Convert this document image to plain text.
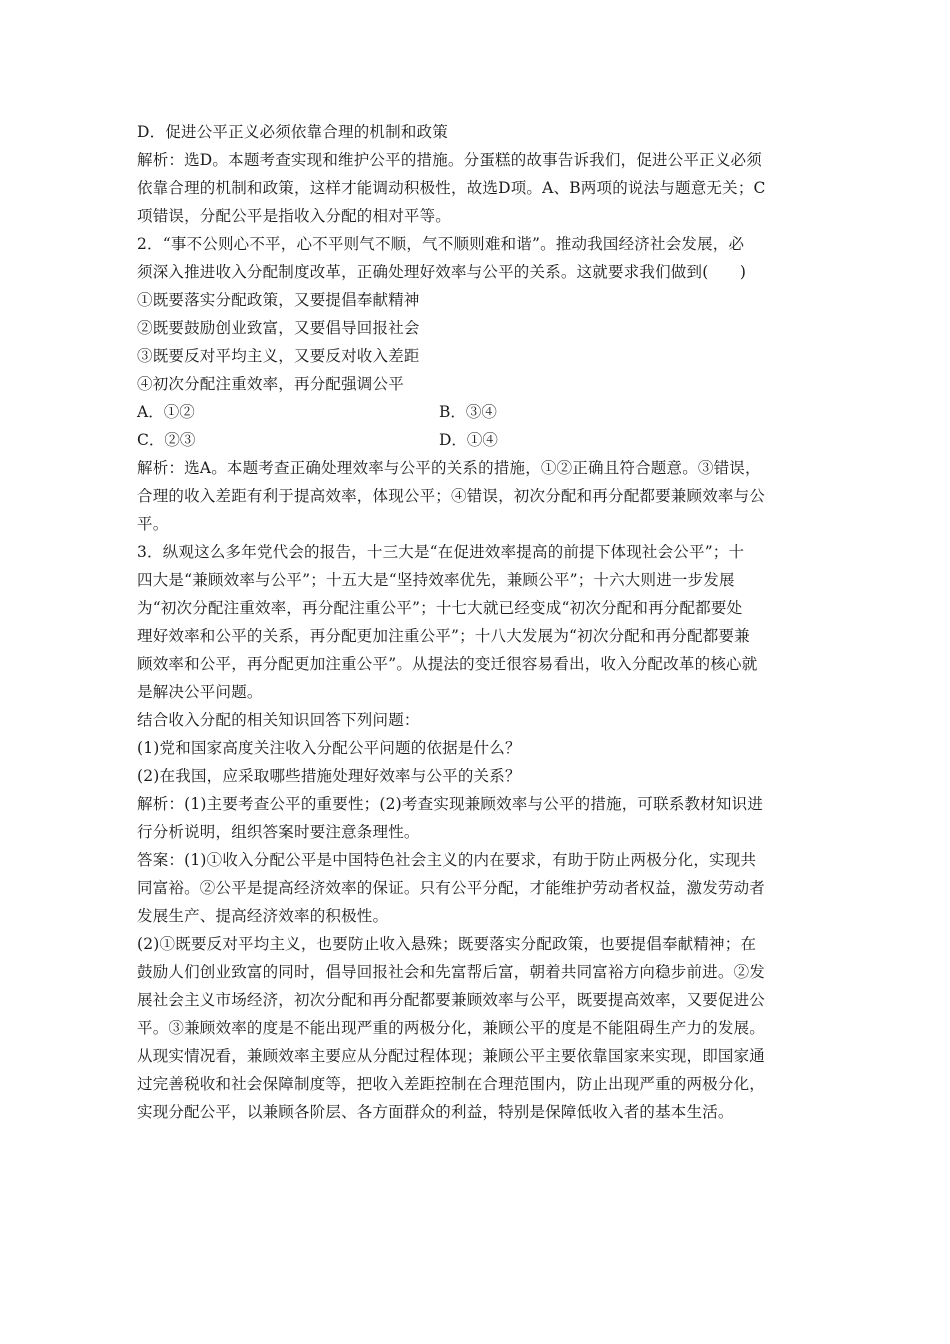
D．促进公平正义必须依靠合理的机制和政策
解析：选D。本题考查实现和维护公平的措施。分蛋糕的故事告诉我们，促进公平正义必须
依靠合理的机制和政策，这样才能调动积极性，故选D项。A、B两项的说法与题意无关；C
项错误，分配公平是指收入分配的相对平等。
2．“事不公则心不平，心不平则气不顺，气不顺则难和谐”。推动我国经济社会发展，必
须深入推进收入分配制度改革，正确处理好效率与公平的关系。这就要求我们做到(　　)
①既要落实分配政策，又要提倡奉献精神
②既要鼓励创业致富，又要倡导回报社会
③既要反对平均主义，又要反对收入差距
④初次分配注重效率，再分配强调公平
A．①②	B．③④
C．②③	D．①④
解析：选A。本题考查正确处理效率与公平的关系的措施，①②正确且符合题意。③错误，
合理的收入差距有利于提高效率，体现公平；④错误，初次分配和再分配都要兼顾效率与公
平。
3．纵观这么多年党代会的报告，十三大是“在促进效率提高的前提下体现社会公平”；十
四大是“兼顾效率与公平”；十五大是“坚持效率优先，兼顾公平”；十六大则进一步发展
为“初次分配注重效率，再分配注重公平”；十七大就已经变成“初次分配和再分配都要处
理好效率和公平的关系，再分配更加注重公平”；十八大发展为“初次分配和再分配都要兼
顾效率和公平，再分配更加注重公平”。从提法的变迁很容易看出，收入分配改革的核心就
是解决公平问题。
结合收入分配的相关知识回答下列问题：
(1)党和国家高度关注收入分配公平问题的依据是什么？
(2)在我国，应采取哪些措施处理好效率与公平的关系？
解析：(1)主要考查公平的重要性；(2)考查实现兼顾效率与公平的措施，可联系教材知识进
行分析说明，组织答案时要注意条理性。
答案：(1)①收入分配公平是中国特色社会主义的内在要求，有助于防止两极分化，实现共
同富裕。②公平是提高经济效率的保证。只有公平分配，才能维护劳动者权益，激发劳动者
发展生产、提高经济效率的积极性。
(2)①既要反对平均主义，也要防止收入悬殊；既要落实分配政策，也要提倡奉献精神；在
鼓励人们创业致富的同时，倡导回报社会和先富帮后富，朝着共同富裕方向稳步前进。②发
展社会主义市场经济，初次分配和再分配都要兼顾效率与公平，既要提高效率，又要促进公
平。③兼顾效率的度是不能出现严重的两极分化，兼顾公平的度是不能阻碍生产力的发展。
从现实情况看，兼顾效率主要应从分配过程体现；兼顾公平主要依靠国家来实现，即国家通
过完善税收和社会保障制度等，把收入差距控制在合理范围内，防止出现严重的两极分化，
实现分配公平，以兼顾各阶层、各方面群众的利益，特别是保障低收入者的基本生活。
